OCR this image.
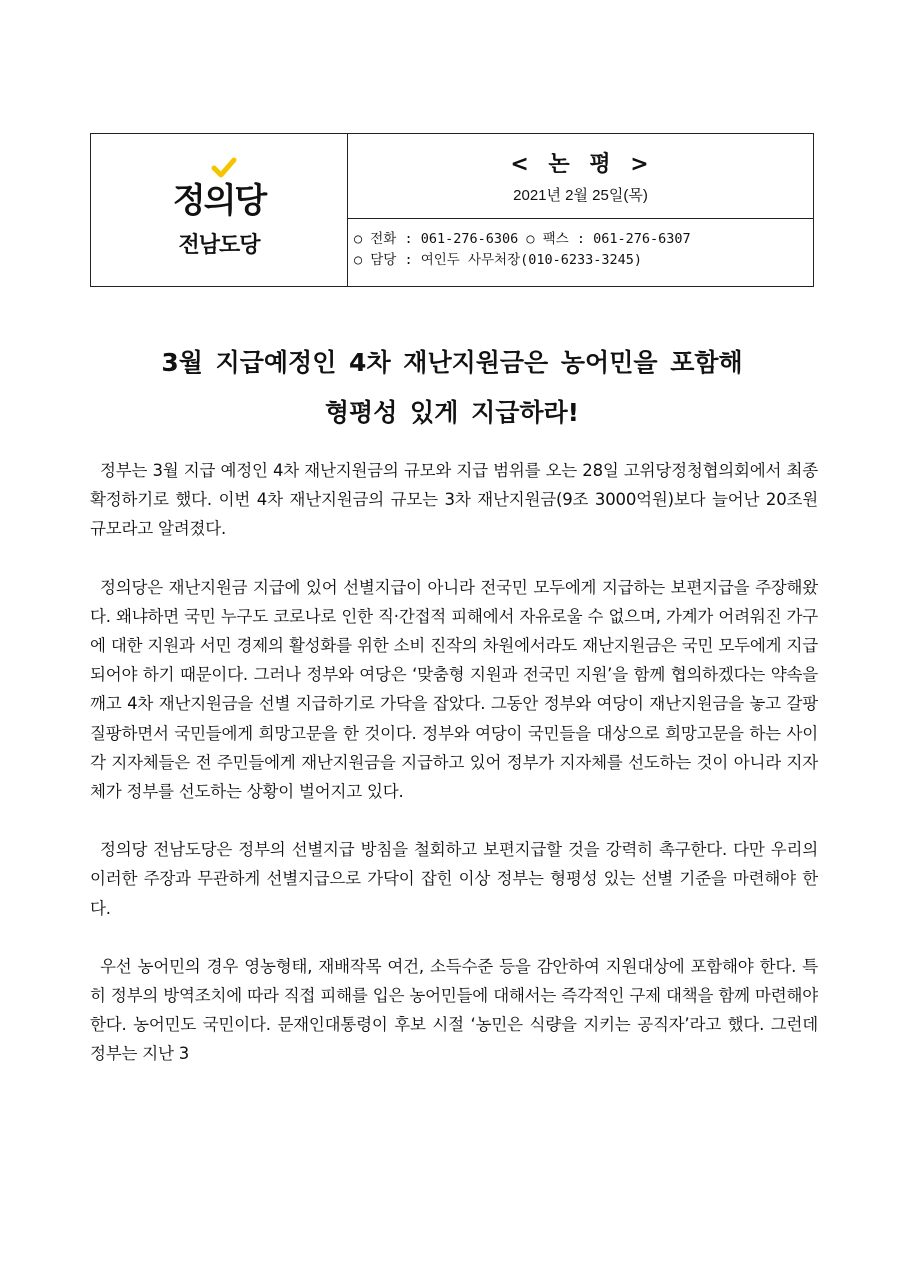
정의당
전남도당
< 논 평 >
2021년 2월 25일(목)
○ 전화 : 061-276-6306 ○ 팩스 : 061-276-6307
○ 담당 : 여인두 사무처장(010-6233-3245)
3월 지급예정인 4차 재난지원금은 농어민을 포함해
형평성 있게 지급하라!

정부는 3월 지급 예정인 4차 재난지원금의 규모와 지급 범위를 오는 28일 고위당정청협의회에서 최종 확정하기로 했다. 이번 4차 재난지원금의 규모는 3차 재난지원금(9조 3000억원)보다 늘어난 20조원 규모라고 알려졌다.

정의당은 재난지원금 지급에 있어 선별지급이 아니라 전국민 모두에게 지급하는 보편지급을 주장해왔다. 왜냐하면 국민 누구도 코로나로 인한 직·간접적 피해에서 자유로울 수 없으며, 가계가 어려워진 가구에 대한 지원과 서민 경제의 활성화를 위한 소비 진작의 차원에서라도 재난지원금은 국민 모두에게 지급되어야 하기 때문이다. 그러나 정부와 여당은 ‘맞춤형 지원과 전국민 지원’을 함께 협의하겠다는 약속을 깨고 4차 재난지원금을 선별 지급하기로 가닥을 잡았다. 그동안 정부와 여당이 재난지원금을 놓고 갈팡질팡하면서 국민들에게 희망고문을 한 것이다. 정부와 여당이 국민들을 대상으로 희망고문을 하는 사이 각 지자체들은 전 주민들에게 재난지원금을 지급하고 있어 정부가 지자체를 선도하는 것이 아니라 지자체가 정부를 선도하는 상황이 벌어지고 있다.

정의당 전남도당은 정부의 선별지급 방침을 철회하고 보편지급할 것을 강력히 촉구한다. 다만 우리의 이러한 주장과 무관하게 선별지급으로 가닥이 잡힌 이상 정부는 형평성 있는 선별 기준을 마련해야 한다.

우선 농어민의 경우 영농형태, 재배작목 여건, 소득수준 등을 감안하여 지원대상에 포함해야 한다. 특히 정부의 방역조치에 따라 직접 피해를 입은 농어민들에 대해서는 즉각적인 구제 대책을 함께 마련해야 한다. 농어민도 국민이다. 문재인대통령이 후보 시절 ‘농민은 식량을 지키는 공직자’라고 했다. 그런데 정부는 지난 3
